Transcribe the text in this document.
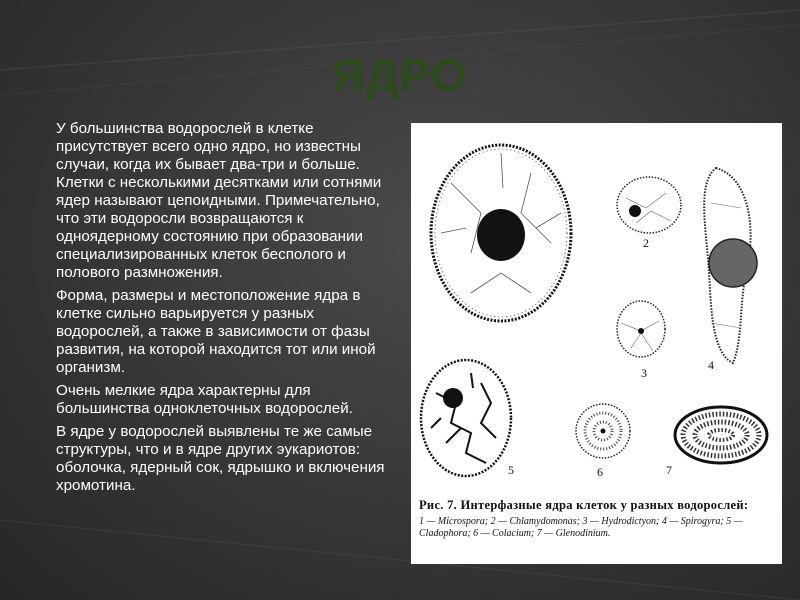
ЯДРО

У большинства водорослей в клетке присутствует всего одно ядро, но известны случаи, когда их бывает два-три и больше. Клетки с несколькими десятками или сотнями ядер называют цепоидными. Примечательно, что эти водоросли возвращаются к одноядерному состоянию при образовании специализированных клеток бесполого и полового размножения.

Форма, размеры и местоположение ядра в клетке сильно варьируется у разных водорослей, а также в зависимости от фазы развития, на которой находится тот или иной организм.

Очень мелкие ядра характерны для большинства одноклеточных водорослей.

В ядре у водорослей выявлены те же самые структуры, что и в ядре других эукариотов: оболочка, ядерный сок, ядрышко и включения хромотина.

2
3
4
5	6	7
Рис. 7. Интерфазные ядра клеток у разных водорослей:
1 — Microspora; 2 — Chlamydomonas; 3 — Hydrodictyon; 4 — Spirogyra; 5 — Cladophora; 6 — Colacium; 7 — Glenodinium.
